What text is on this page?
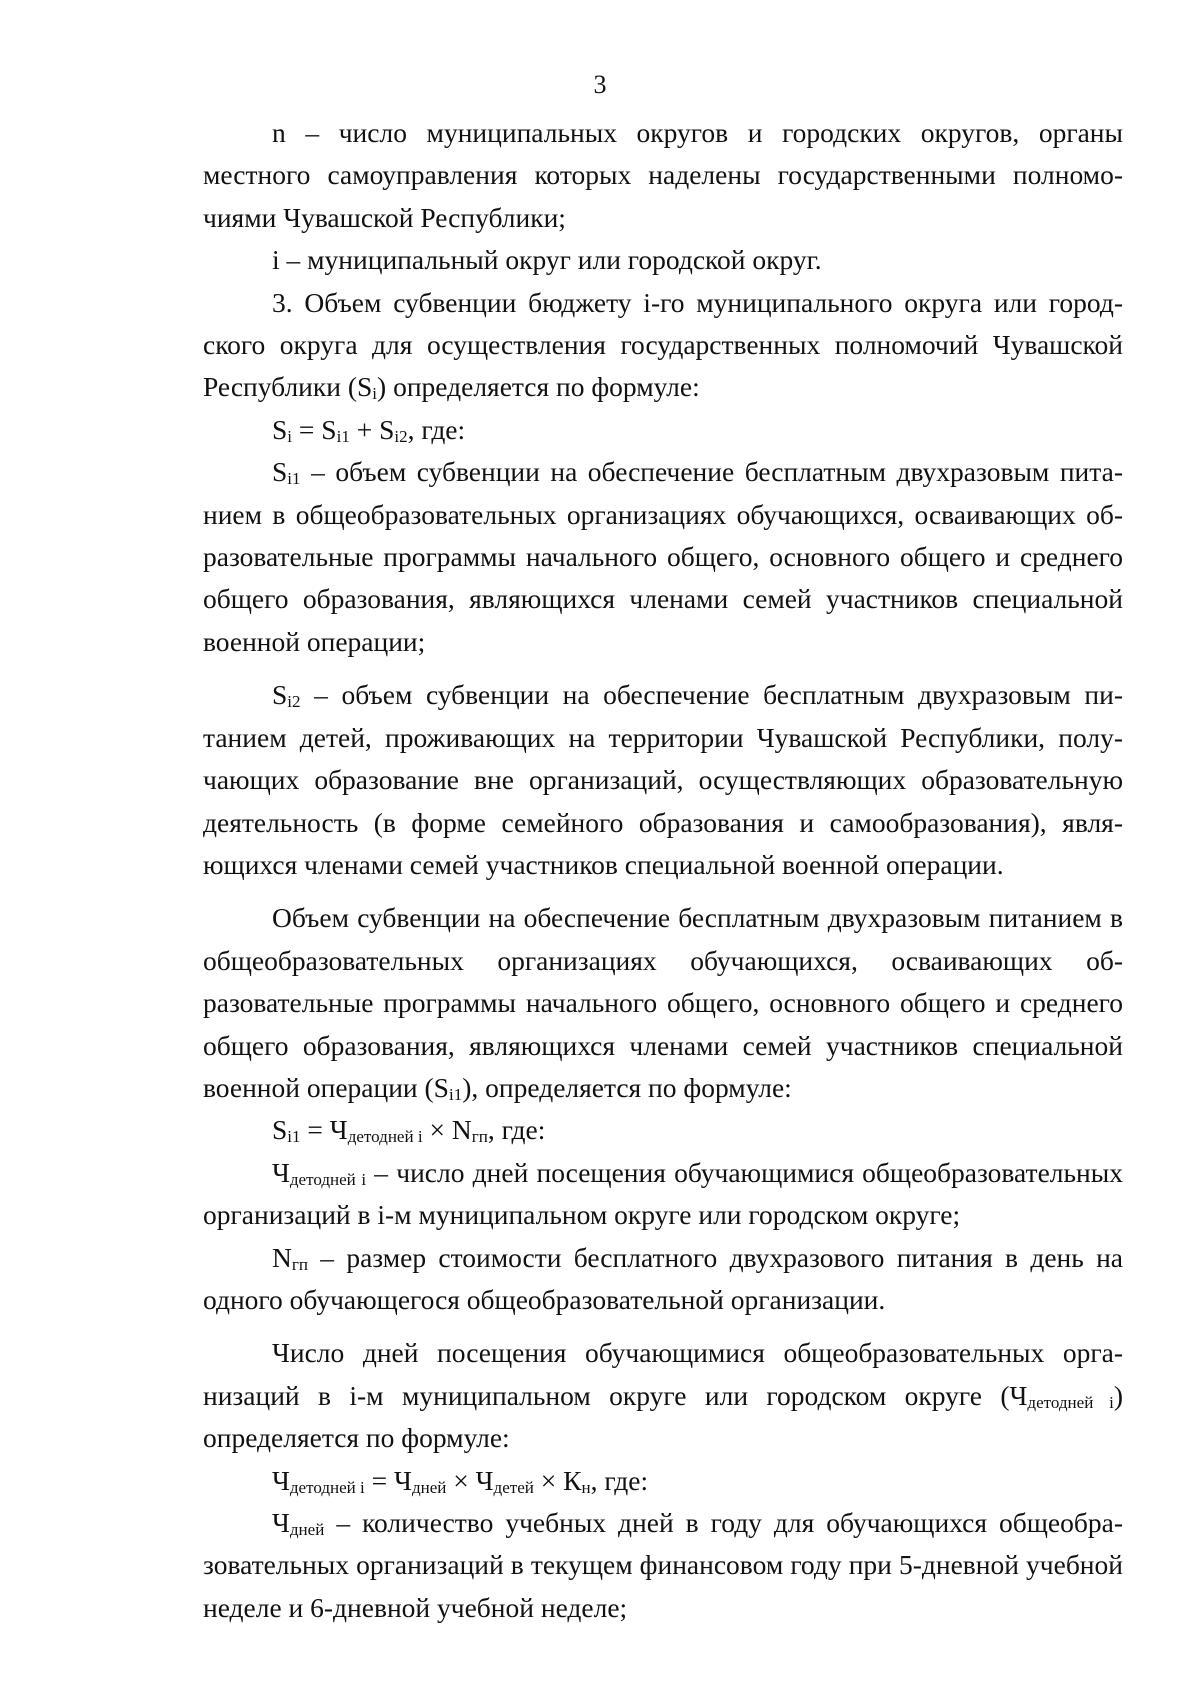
3

n – число муниципальных округов и городских округов, органы местного самоуправления которых наделены государственными полномочиями Чувашской Республики;

i – муниципальный округ или городской округ.

3. Объем субвенции бюджету i-го муниципального округа или городского округа для осуществления государственных полномочий Чувашской Республики $(S_i)$ определяется по формуле:

$S_i = S_{i1} + S_{i2}$, где:

$S_{i1}$ – объем субвенции на обеспечение бесплатным двухразовым питанием в общеобразовательных организациях обучающихся, осваивающих образовательные программы начального общего, основного общего и среднего общего образования, являющихся членами семей участников специальной военной операции;

$S_{i2}$ – объем субвенции на обеспечение бесплатным двухразовым питанием детей, проживающих на территории Чувашской Республики, получающих образование вне организаций, осуществляющих образовательную деятельность (в форме семейного образования и самообразования), являющихся членами семей участников специальной военной операции.

Объем субвенции на обеспечение бесплатным двухразовым питанием в общеобразовательных организациях обучающихся, осваивающих образовательные программы начального общего, основного общего и среднего общего образования, являющихся членами семей участников специальной военной операции $(S_{i1})$, определяется по формуле:

$S_{i1} = Ч_{детодней i} \times N_{гп}$, где:

$Ч_{детодней i}$ – число дней посещения обучающимися общеобразовательных организаций в i-м муниципальном округе или городском округе;

$N_{гп}$ – размер стоимости бесплатного двухразового питания в день на одного обучающегося общеобразовательной организации.

Число дней посещения обучающимися общеобразовательных организаций в i-м муниципальном округе или городском округе $(Ч_{детодней i})$ определяется по формуле:

$Ч_{детодней i} = Ч_{дней} \times Ч_{детей} \times К_н$, где:

$Ч_{дней}$ – количество учебных дней в году для обучающихся общеобразовательных организаций в текущем финансовом году при 5-дневной учебной неделе и 6-дневной учебной неделе;
